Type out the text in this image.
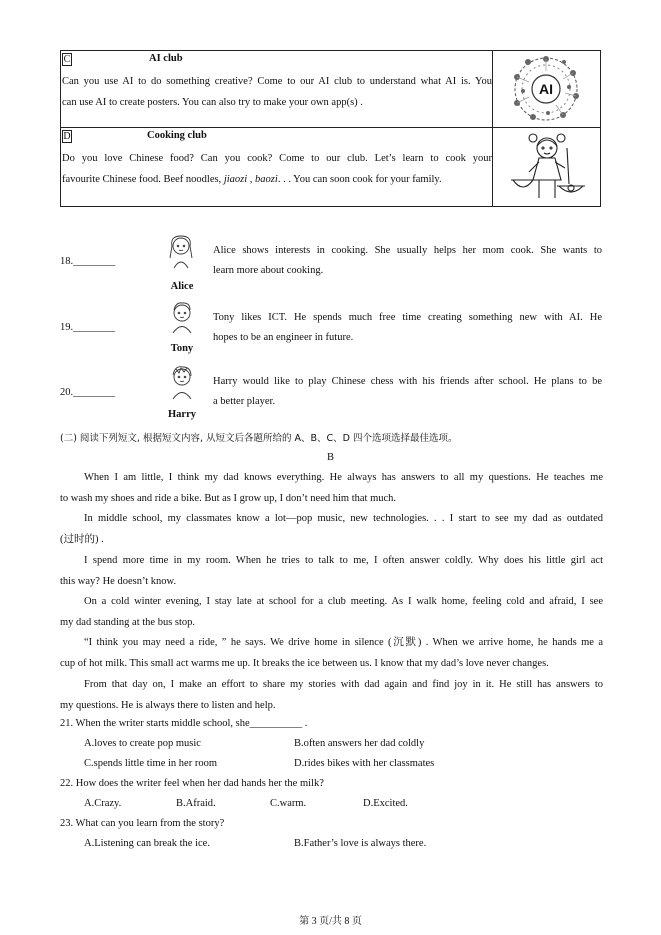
C	AI club
Can you use AI to do something creative? Come to our AI club to understand what AI is. You
can use AI to create posters. You can also try to make your own app(s) .
AI
D	Cooking club
Do you love Chinese food? Can you cook? Come to our club. Let’s learn to cook your
favourite Chinese food. Beef noodles, jiaozi , baozi. . . You can soon cook for your family.
18.________
Alice
Alice shows interests in cooking. She usually helps her mom cook. She wants to
learn more about cooking.
19.________
Tony
Tony likes ICT. He spends much free time creating something new with AI. He
hopes to be an engineer in future.
20.________
Harry
Harry would like to play Chinese chess with his friends after school. He plans to be
a better player.
(二) 阅读下列短文, 根据短文内容, 从短文后各题所给的 A、B、C、D 四个选项选择最佳选项。
B
When I am little, I think my dad knows everything. He always has answers to all my questions. He teaches me
to wash my shoes and ride a bike. But as I grow up, I don’t need him that much.
In middle school, my classmates know a lot—pop music, new technologies. . . I start to see my dad as outdated
(过时的) .
I spend more time in my room. When he tries to talk to me, I often answer coldly. Why does his little girl act
this way? He doesn’t know.
On a cold winter evening, I stay late at school for a club meeting. As I walk home, feeling cold and afraid, I see
my dad standing at the bus stop.
“I think you may need a ride, ” he says. We drive home in silence (沉默) . When we arrive home, he hands me a
cup of hot milk. This small act warms me up. It breaks the ice between us. I know that my dad’s love never changes.
From that day on, I make an effort to share my stories with dad again and find joy in it. He still has answers to
my questions. He is always there to listen and help.
21. When the writer starts middle school, she__________ .
A.loves to create pop music	B.often answers her dad coldly
C.spends little time in her room	D.rides bikes with her classmates
22. How does the writer feel when her dad hands her the milk?
A.Crazy.	B.Afraid.	C.warm.	D.Excited.
23. What can you learn from the story?
A.Listening can break the ice.	B.Father’s love is always there.
第 3 页/共 8 页
